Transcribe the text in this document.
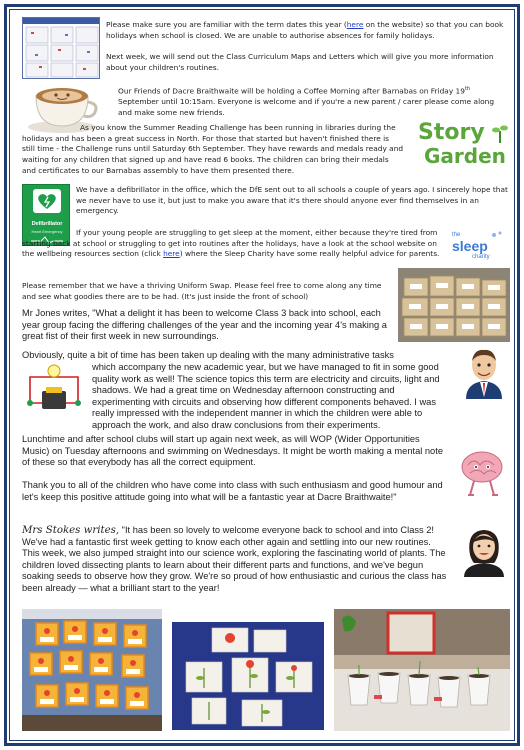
Please make sure you are familiar with the term dates this year (here on the website) so that you can book holidays when school is closed. We are unable to authorise absences for family holidays.
Next week, we will send out the Class Curriculum Maps and Letters which will give you more information about your children's routines.
Our Friends of Dacre Braithwaite will be holding a Coffee Morning after Barnabas on Friday 19th September until 10:15am. Everyone is welcome and if you're a new parent / carer please come along and make some new friends.
As you know the Summer Reading Challenge has been running in libraries during the holidays and has been a great success in North. For those that started but haven't finished there is still time - the Challenge runs until Saturday 6th September. They have rewards and medals ready and waiting for any children that signed up and have read 6 books. The children can bring their medals and certificates to our Barnabas assembly to have them presented there.
Story
Garden
Defibrillator
Heart Emergency
We have a defibrillator in the office, which the DfE sent out to all schools a couple of years ago. I sincerely hope that we never have to use it, but just to make you aware that it's there should anyone ever find themselves in an emergency.
If your young people are struggling to get sleep at the moment, either because they're tired from starting back at school or struggling to get into routines after the holidays, have a look at the school website on the wellbeing resources section (click here) where the Sleep Charity have some really helpful advice for parents.
the
sleep
charity
Please remember that we have a thriving Uniform Swap. Please feel free to come along any time and see what goodies there are to be had. (It's just inside the front of school)
Mr Jones writes, "What a delight it has been to welcome Class 3 back into school, each year group facing the differing challenges of the year and the incoming year 4's making a great fist of their first week in new surroundings.
Obviously, quite a bit of time has been taken up dealing with the many administrative tasks
which accompany the new academic year, but we have managed to fit in some good quality work as well! The science topics this term are electricity and circuits, light and shadows. We had a great time on Wednesday afternoon constructing and experimenting with circuits and observing how different components behaved. I was really impressed with the independent manner in which the children were able to approach the work, and also draw conclusions from their experiments.
Lunchtime and after school clubs will start up again next week, as will WOP (Wider Opportunities Music) on Tuesday afternoons and swimming on Wednesdays. It might be worth making a mental note of these so that everybody has all the correct equipment.
Thank you to all of the children who have come into class with such enthusiasm and good humour and let's keep this positive attitude going into what will be a fantastic year at Dacre Braithwaite!"
Mrs Stokes writes, "It has been so lovely to welcome everyone back to school and into Class 2! We've had a fantastic first week getting to know each other again and settling into our new routines. This week, we also jumped straight into our science work, exploring the fascinating world of plants. The children loved dissecting plants to learn about their different parts and functions, and we've begun soaking seeds to observe how they grow. We're so proud of how enthusiastic and curious the class has been already — what a brilliant start to the year!
